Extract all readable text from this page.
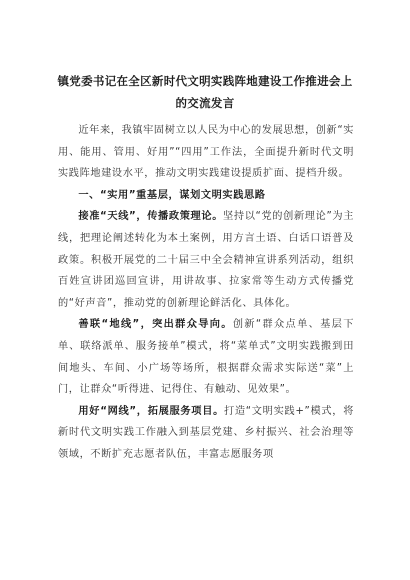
镇党委书记在全区新时代文明实践阵地建设工作推进会上
的交流发言

近年来，我镇牢固树立以人民为中心的发展思想，创新“实用、能用、管用、好用”“四用”工作法，全面提升新时代文明实践阵地建设水平，推动文明实践建设提质扩面、提档升级。

一、“实用”重基层，谋划文明实践思路

接准“天线”，传播政策理论。坚持以“党的创新理论”为主线，把理论阐述转化为本土案例，用方言土语、白话口语普及政策。积极开展党的二十届三中全会精神宣讲系列活动，组织百姓宣讲团巡回宣讲，用讲故事、拉家常等生动方式传播党的“好声音”，推动党的创新理论鲜活化、具体化。

善联“地线”，突出群众导向。创新“群众点单、基层下单、联络派单、服务接单”模式，将“菜单式”文明实践搬到田间地头、车间、小广场等场所，根据群众需求实际送“菜”上门，让群众“听得进、记得住、有触动、见效果”。

用好“网线”，拓展服务项目。打造“文明实践+”模式，将新时代文明实践工作融入到基层党建、乡村振兴、社会治理等领域，不断扩充志愿者队伍，丰富志愿服务项
